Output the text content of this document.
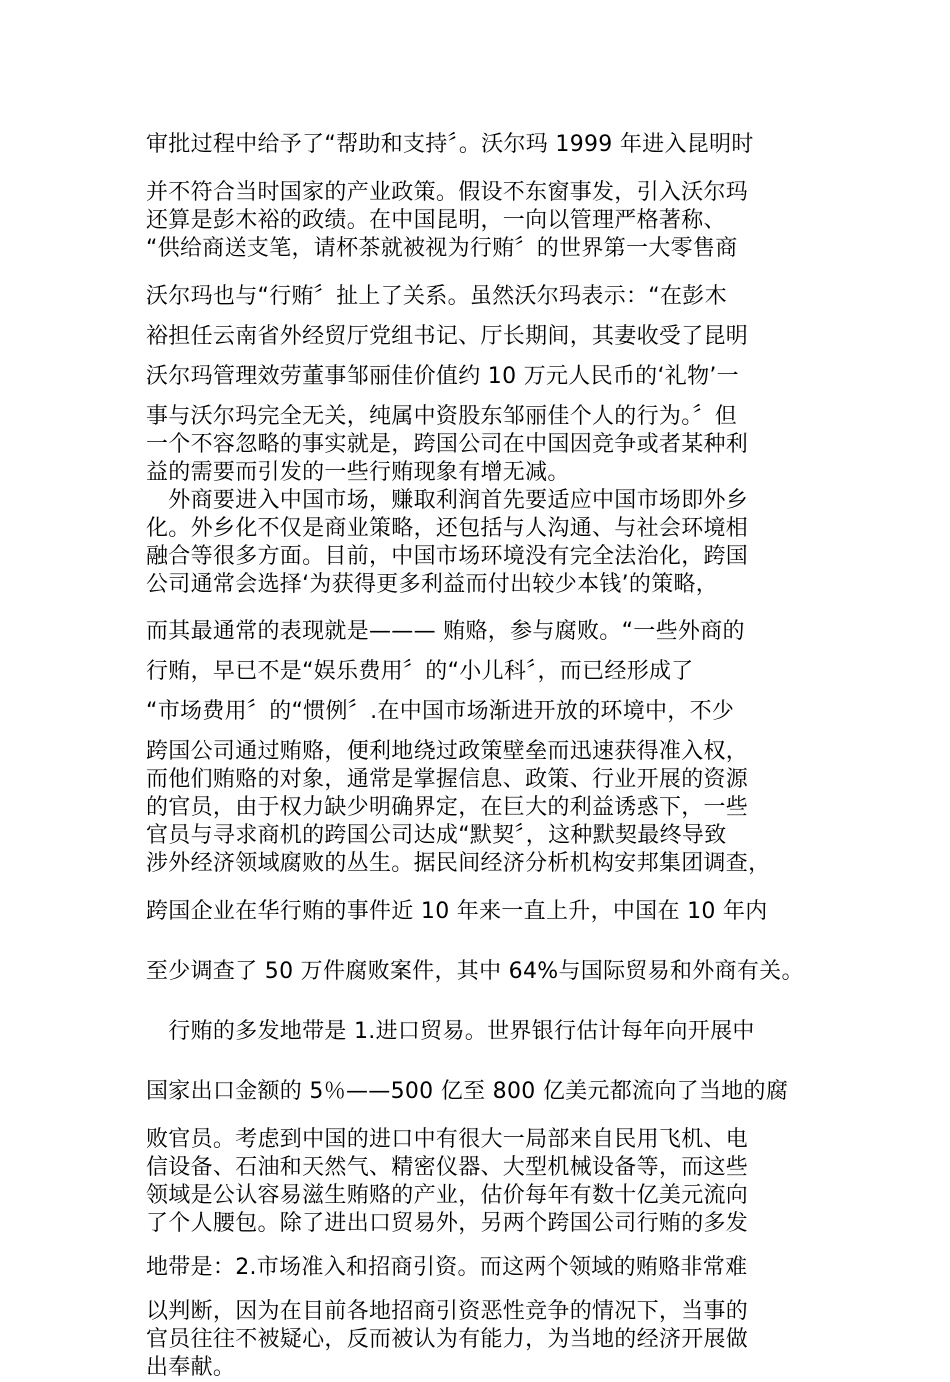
审批过程中给予了“帮助和支持〞。沃尔玛 1999 年进入昆明时
并不符合当时国家的产业政策。假设不东窗事发，引入沃尔玛
还算是彭木裕的政绩。在中国昆明，一向以管理严格著称、
“供给商送支笔，请杯茶就被视为行贿〞的世界第一大零售商
沃尔玛也与“行贿〞扯上了关系。虽然沃尔玛表示：“在彭木
裕担任云南省外经贸厅党组书记、厅长期间，其妻收受了昆明
沃尔玛管理效劳董事邹丽佳价值约 10 万元人民币的‘礼物’一
事与沃尔玛完全无关，纯属中资股东邹丽佳个人的行为。〞但
一个不容忽略的事实就是，跨国公司在中国因竞争或者某种利
益的需要而引发的一些行贿现象有增无减。
　外商要进入中国市场，赚取利润首先要适应中国市场即外乡
化。外乡化不仅是商业策略，还包括与人沟通、与社会环境相
融合等很多方面。目前，中国市场环境没有完全法治化，跨国
公司通常会选择‘为获得更多利益而付出较少本钱’的策略，
而其最通常的表现就是——— 贿赂，参与腐败。“一些外商的
行贿，早已不是“娱乐费用〞的“小儿科〞，而已经形成了
“市场费用〞的“惯例〞.在中国市场渐进开放的环境中，不少
跨国公司通过贿赂，便利地绕过政策壁垒而迅速获得准入权，
而他们贿赂的对象，通常是掌握信息、政策、行业开展的资源
的官员，由于权力缺少明确界定，在巨大的利益诱惑下，一些
官员与寻求商机的跨国公司达成“默契〞，这种默契最终导致
涉外经济领域腐败的丛生。据民间经济分析机构安邦集团调查，
跨国企业在华行贿的事件近 10 年来一直上升，中国在 10 年内
至少调查了 50 万件腐败案件，其中 64%与国际贸易和外商有关。
　行贿的多发地带是 1.进口贸易。世界银行估计每年向开展中
国家出口金额的 5％——500 亿至 800 亿美元都流向了当地的腐
败官员。考虑到中国的进口中有很大一局部来自民用飞机、电
信设备、石油和天然气、精密仪器、大型机械设备等，而这些
领域是公认容易滋生贿赂的产业，估价每年有数十亿美元流向
了个人腰包。除了进出口贸易外，另两个跨国公司行贿的多发
地带是：2.市场准入和招商引资。而这两个领域的贿赂非常难
以判断，因为在目前各地招商引资恶性竞争的情况下，当事的
官员往往不被疑心，反而被认为有能力，为当地的经济开展做
出奉献。
